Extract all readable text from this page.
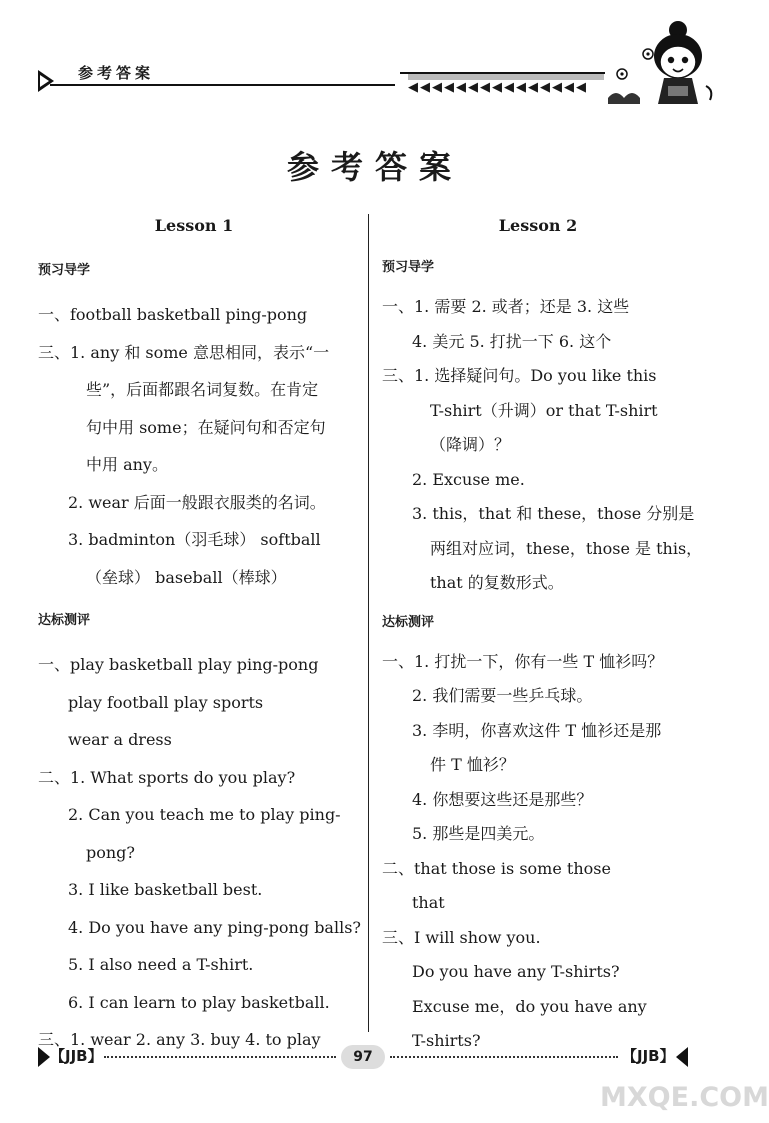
参考答案
◀◀◀◀◀◀◀◀◀◀◀◀◀◀◀
参考答案
Lesson 1
预习导学
一、football basketball ping-pong
三、1. any 和 some 意思相同，表示“一
些”，后面都跟名词复数。在肯定
句中用 some；在疑问句和否定句
中用 any。
2. wear 后面一般跟衣服类的名词。
3. badminton（羽毛球） softball
（垒球） baseball（棒球）
达标测评
一、play basketball play ping-pong
play football play sports
wear a dress
二、1. What sports do you play?
2. Can you teach me to play ping-
pong?
3. I like basketball best.
4. Do you have any ping-pong balls?
5. I also need a T-shirt.
6. I can learn to play basketball.
三、1. wear 2. any 3. buy 4. to play
Lesson 2
预习导学
一、1. 需要 2. 或者；还是 3. 这些
4. 美元 5. 打扰一下 6. 这个
三、1. 选择疑问句。Do you like this
T-shirt（升调）or that T-shirt
（降调）？
2. Excuse me.
3. this，that 和 these，those 分别是
两组对应词，these，those 是 this，
that 的复数形式。
达标测评
一、1. 打扰一下，你有一些 T 恤衫吗？
2. 我们需要一些乒乓球。
3. 李明，你喜欢这件 T 恤衫还是那
件 T 恤衫？
4. 你想要这些还是那些？
5. 那些是四美元。
二、that those is some those
that
三、I will show you.
Do you have any T-shirts?
Excuse me，do you have any
T-shirts?
【JJB】	97	【JJB】
MXQE.COM
